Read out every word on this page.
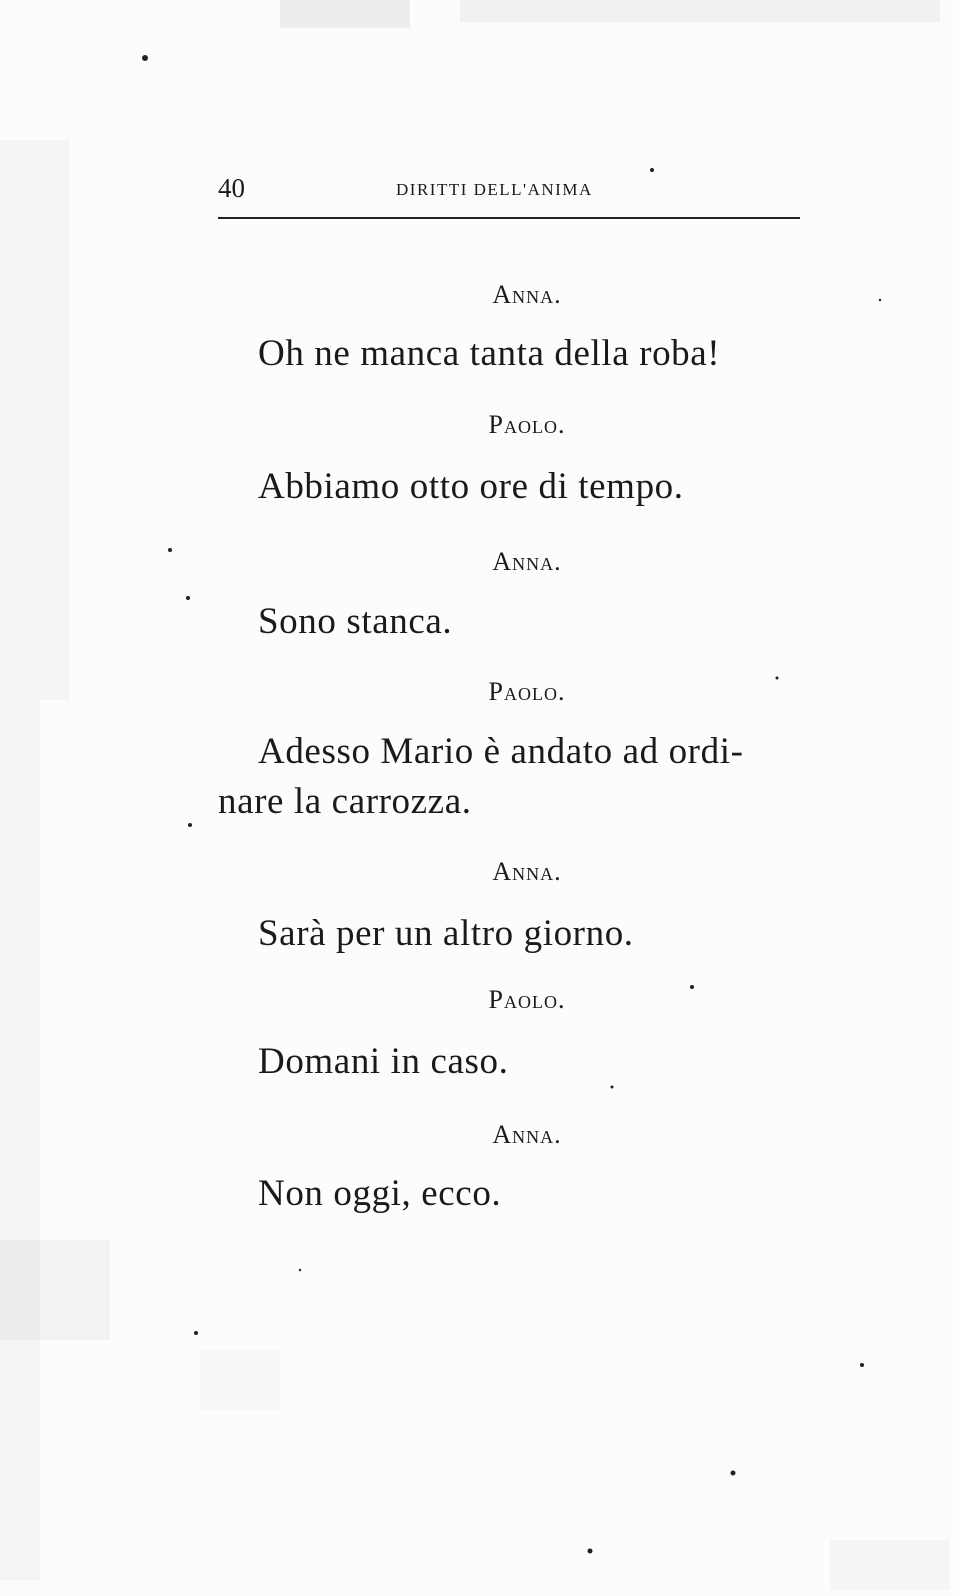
40	DIRITTI DELL'ANIMA
Anna.
Oh ne manca tanta della roba!
Paolo.
Abbiamo otto ore di tempo.
Anna.
Sono stanca.
Paolo.
Adesso Mario è andato ad ordi-
nare la carrozza.
Anna.
Sarà per un altro giorno.
Paolo.
Domani in caso.
Anna.
Non oggi, ecco.
